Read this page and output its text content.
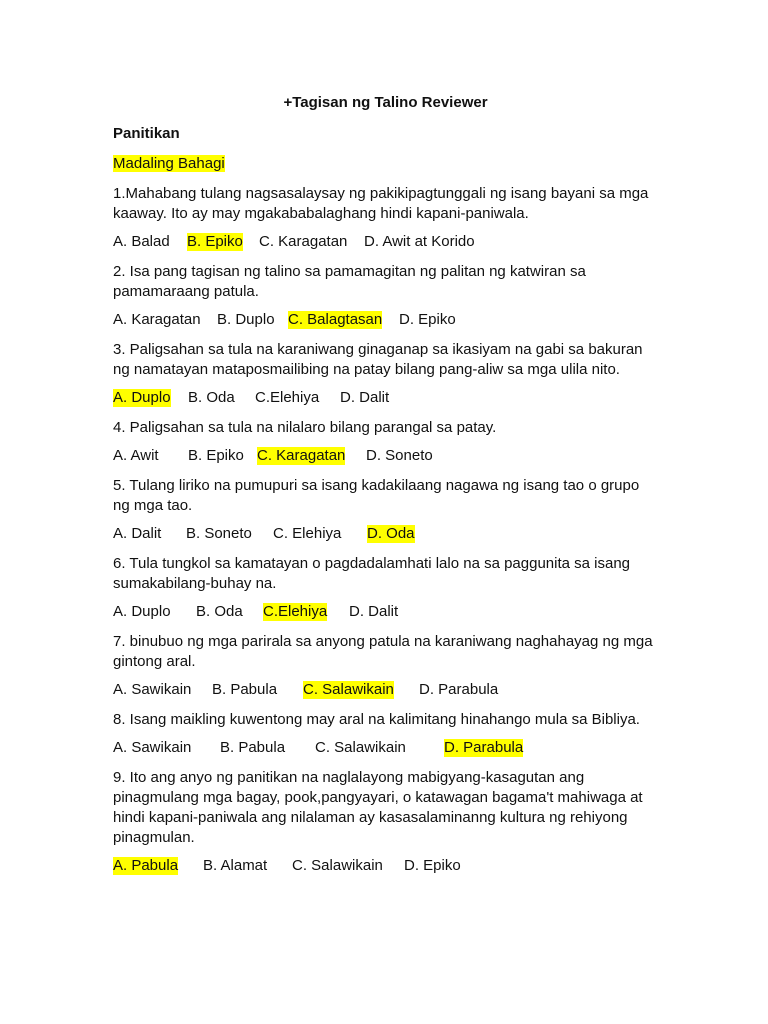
+Tagisan ng Talino Reviewer
Panitikan
Madaling Bahagi
1.Mahabang tulang nagsasalaysay ng pakikipagtunggali ng isang bayani sa mga kaaway. Ito ay may mgakababalaghang hindi kapani-paniwala.
A. Balad B. Epiko C. Karagatan D. Awit at Korido
2. Isa pang tagisan ng talino sa pamamagitan ng palitan ng katwiran sa pamamaraang patula.
A. Karagatan B. Duplo C. Balagtasan D. Epiko
3. Paligsahan sa tula na karaniwang ginaganap sa ikasiyam na gabi sa bakuran ng namatayan mataposmailibing na patay bilang pang-aliw sa mga ulila nito.
A. Duplo B. Oda C.Elehiya D. Dalit
4. Paligsahan sa tula na nilalaro bilang parangal sa patay.
A. Awit B. Epiko C. Karagatan D. Soneto
5. Tulang liriko na pumupuri sa isang kadakilaang nagawa ng isang tao o grupo ng mga tao.
A. Dalit B. Soneto C. Elehiya D. Oda
6. Tula tungkol sa kamatayan o pagdadalamhati lalo na sa paggunita sa isang sumakabilang-buhay na.
A. Duplo B. Oda C.Elehiya D. Dalit
7. binubuo ng mga parirala sa anyong patula na karaniwang naghahayag ng mga gintong aral.
A. Sawikain B. Pabula C. Salawikain D. Parabula
8. Isang maikling kuwentong may aral na kalimitang hinahango mula sa Bibliya.
A. Sawikain B. Pabula C. Salawikain	D. Parabula
9. Ito ang anyo ng panitikan na naglalayong mabigyang-kasagutan ang pinagmulang mga bagay, pook,pangyayari, o katawagan bagama't mahiwaga at hindi kapani-paniwala ang nilalaman ay kasasalaminanng kultura ng rehiyong pinagmulan.
A. Pabula B. Alamat C. Salawikain D. Epiko
